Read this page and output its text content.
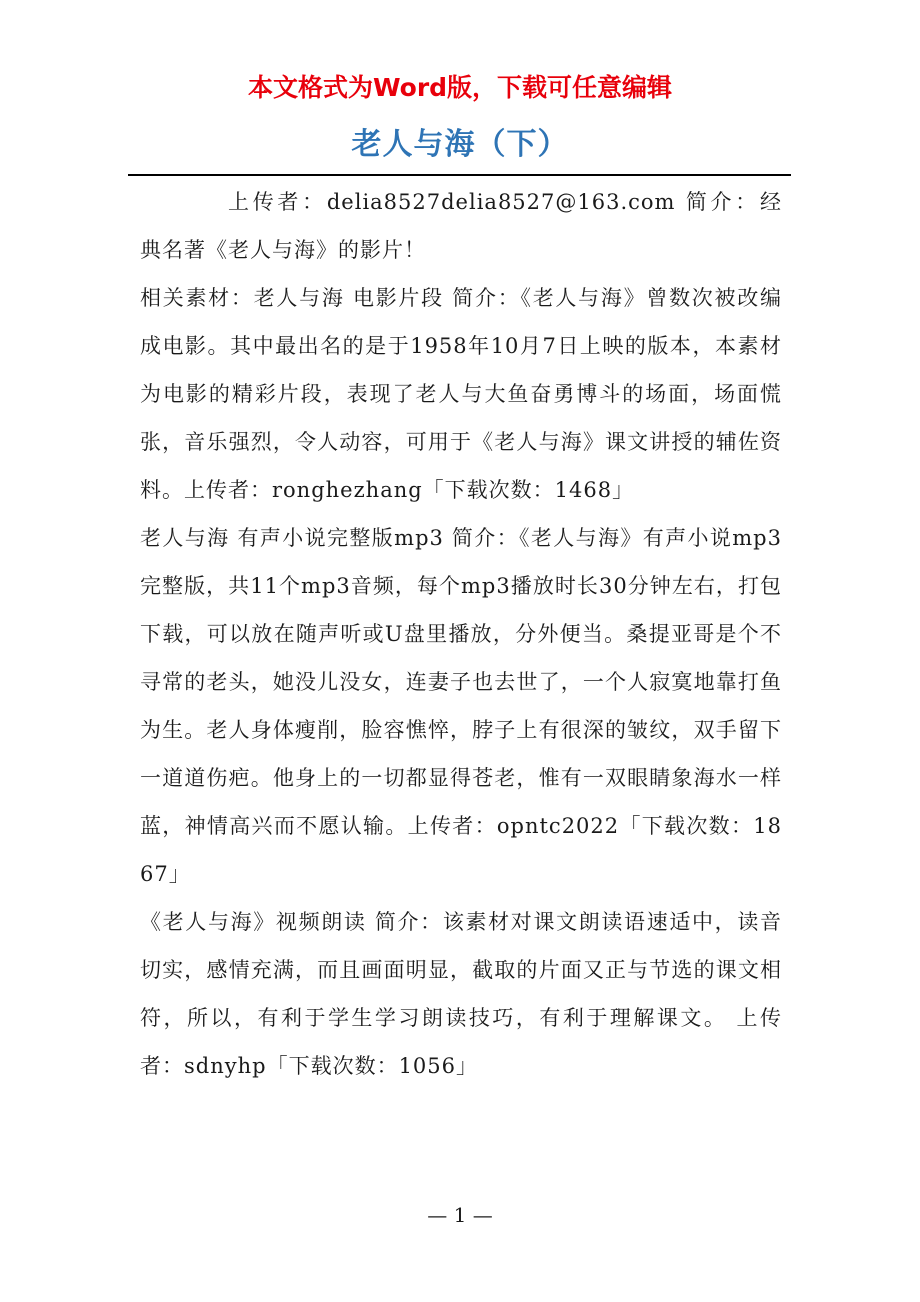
本文格式为Word版，下载可任意编辑
老人与海（下）

上传者：delia8527delia8527@163.com 简介：经典名著《老人与海》的影片！

相关素材：老人与海 电影片段 简介：《老人与海》曾数次被改编成电影。其中最出名的是于1958年10月7日上映的版本，本素材为电影的精彩片段，表现了老人与大鱼奋勇博斗的场面，场面慌张，音乐强烈，令人动容，可用于《老人与海》课文讲授的辅佐资料。上传者：ronghezhang「下载次数：1468」

老人与海 有声小说完整版mp3 简介：《老人与海》有声小说mp3完整版，共11个mp3音频，每个mp3播放时长30分钟左右，打包下载，可以放在随声听或U盘里播放，分外便当。桑提亚哥是个不寻常的老头，她没儿没女，连妻子也去世了，一个人寂寞地靠打鱼为生。老人身体瘦削，脸容憔悴，脖子上有很深的皱纹，双手留下一道道伤疤。他身上的一切都显得苍老，惟有一双眼睛象海水一样蓝，神情高兴而不愿认输。上传者：opntc2022「下载次数：1867」

《老人与海》视频朗读 简介：该素材对课文朗读语速适中，读音切实，感情充满，而且画面明显，截取的片面又正与节选的课文相符，所以，有利于学生学习朗读技巧，有利于理解课文。 上传者：sdnyhp「下载次数：1056」

— 1 —
